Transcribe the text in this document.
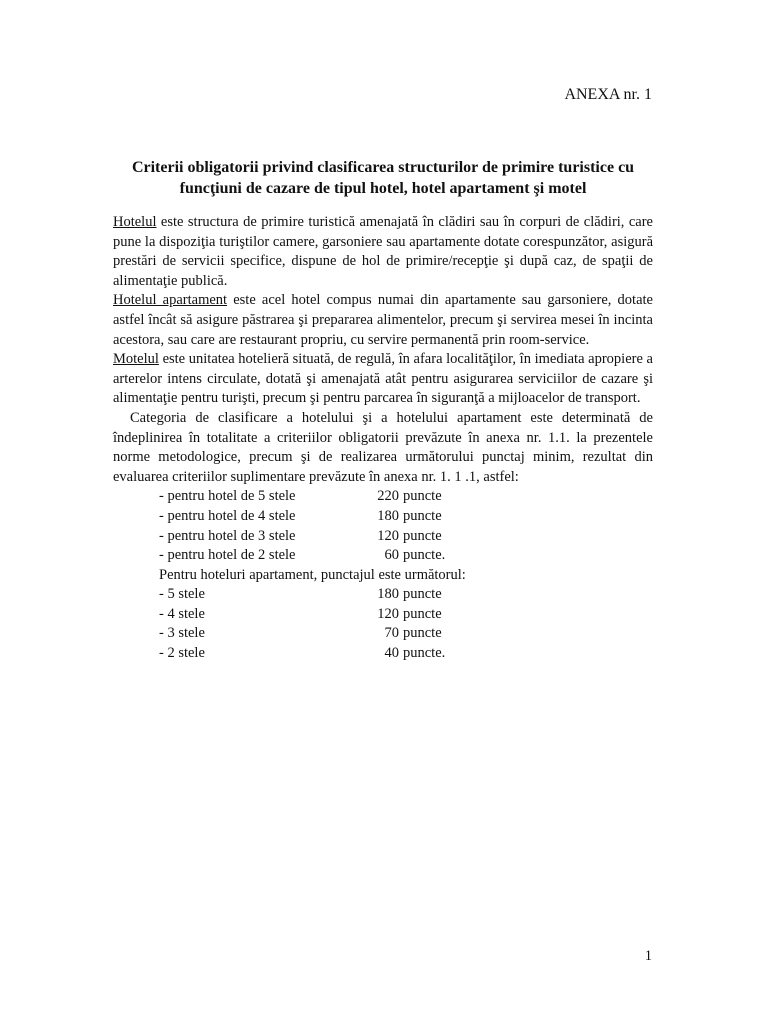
ANEXA nr. 1
Criterii obligatorii privind clasificarea structurilor de primire turistice cu funcţiuni de cazare de tipul hotel, hotel apartament şi motel

Hotelul este structura de primire turistică amenajată în clădiri sau în corpuri de clădiri, care pune la dispoziţia turiştilor camere, garsoniere sau apartamente dotate corespunzător, asigură prestări de servicii specifice, dispune de hol de primire/recepţie şi după caz, de spaţii de alimentaţie publică.

Hotelul apartament este acel hotel compus numai din apartamente sau garsoniere, dotate astfel încât să asigure păstrarea şi prepararea alimentelor, precum şi servirea mesei în incinta acestora, sau care are restaurant propriu, cu servire permanentă prin room-service.

Motelul este unitatea hotelieră situată, de regulă, în afara localităţilor, în imediata apropiere a arterelor intens circulate, dotată şi amenajată atât pentru asigurarea serviciilor de cazare şi alimentaţie pentru turişti, precum şi pentru parcarea în siguranţă a mijloacelor de transport.

Categoria de clasificare a hotelului şi a hotelului apartament este determinată de îndeplinirea în totalitate a criteriilor obligatorii prevăzute în anexa nr. 1.1. la prezentele norme metodologice, precum şi de realizarea următorului punctaj minim, rezultat din evaluarea criteriilor suplimentare prevăzute în anexa nr. 1. 1 .1, astfel:

- pentru hotel de 5 stele	220 puncte
- pentru hotel de 4 stele	180 puncte
- pentru hotel de 3 stele	120 puncte
- pentru hotel de 2 stele	60 puncte.
Pentru hoteluri apartament, punctajul este următorul:
- 5 stele	180 puncte
- 4 stele	120 puncte
- 3 stele	70 puncte
- 2 stele	40 puncte.
1
